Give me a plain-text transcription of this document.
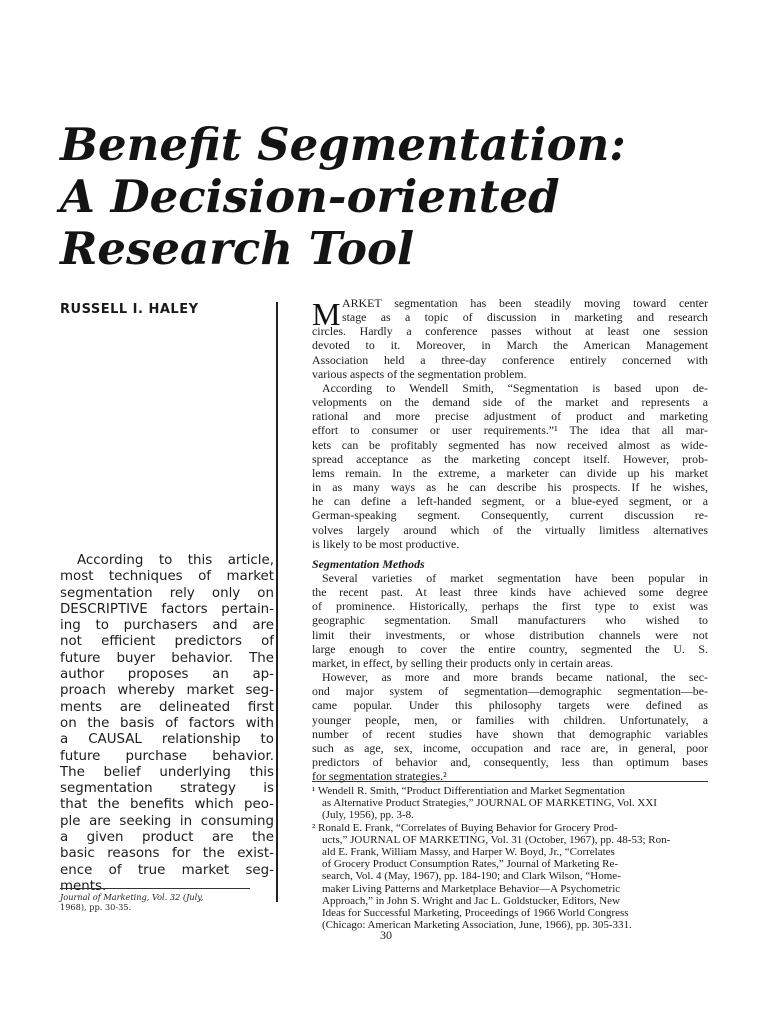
Benefit Segmentation:
A Decision-oriented
Research Tool
RUSSELL I. HALEY
According to this article,
most techniques of market
segmentation rely only on
DESCRIPTIVE factors pertain-
ing to purchasers and are
not efficient predictors of
future buyer behavior. The
author proposes an ap-
proach whereby market seg-
ments are delineated first
on the basis of factors with
a CAUSAL relationship to
future purchase behavior.
The belief underlying this
segmentation strategy is
that the benefits which peo-
ple are seeking in consuming
a given product are the
basic reasons for the exist-
ence of true market seg-
ments.
Journal of Marketing, Vol. 32 (July,
1968), pp. 30-35.
M ARKET segmentation has been steadily moving toward center
stage as a topic of discussion in marketing and research
circles. Hardly a conference passes without at least one session
devoted to it. Moreover, in March the American Management
Association held a three-day conference entirely concerned with
various aspects of the segmentation problem.
According to Wendell Smith, “Segmentation is based upon de-
velopments on the demand side of the market and represents a
rational and more precise adjustment of product and marketing
effort to consumer or user requirements.”¹ The idea that all mar-
kets can be profitably segmented has now received almost as wide-
spread acceptance as the marketing concept itself. However, prob-
lems remain. In the extreme, a marketer can divide up his market
in as many ways as he can describe his prospects. If he wishes,
he can define a left-handed segment, or a blue-eyed segment, or a
German-speaking segment. Consequently, current discussion re-
volves largely around which of the virtually limitless alternatives
is likely to be most productive.
Segmentation Methods
Several varieties of market segmentation have been popular in
the recent past. At least three kinds have achieved some degree
of prominence. Historically, perhaps the first type to exist was
geographic segmentation. Small manufacturers who wished to
limit their investments, or whose distribution channels were not
large enough to cover the entire country, segmented the U. S.
market, in effect, by selling their products only in certain areas.
However, as more and more brands became national, the sec-
ond major system of segmentation—demographic segmentation—be-
came popular. Under this philosophy targets were defined as
younger people, men, or families with children. Unfortunately, a
number of recent studies have shown that demographic variables
such as age, sex, income, occupation and race are, in general, poor
predictors of behavior and, consequently, less than optimum bases
for segmentation strategies.²
¹ Wendell R. Smith, “Product Differentiation and Market Segmentation
as Alternative Product Strategies,” JOURNAL OF MARKETING, Vol. XXI
(July, 1956), pp. 3-8.
² Ronald E. Frank, “Correlates of Buying Behavior for Grocery Prod-
ucts,” JOURNAL OF MARKETING, Vol. 31 (October, 1967), pp. 48-53; Ron-
ald E. Frank, William Massy, and Harper W. Boyd, Jr., “Correlates
of Grocery Product Consumption Rates,” Journal of Marketing Re-
search, Vol. 4 (May, 1967), pp. 184-190; and Clark Wilson, “Home-
maker Living Patterns and Marketplace Behavior—A Psychometric
Approach,” in John S. Wright and Jac L. Goldstucker, Editors, New
Ideas for Successful Marketing, Proceedings of 1966 World Congress
(Chicago: American Marketing Association, June, 1966), pp. 305-331.
30
